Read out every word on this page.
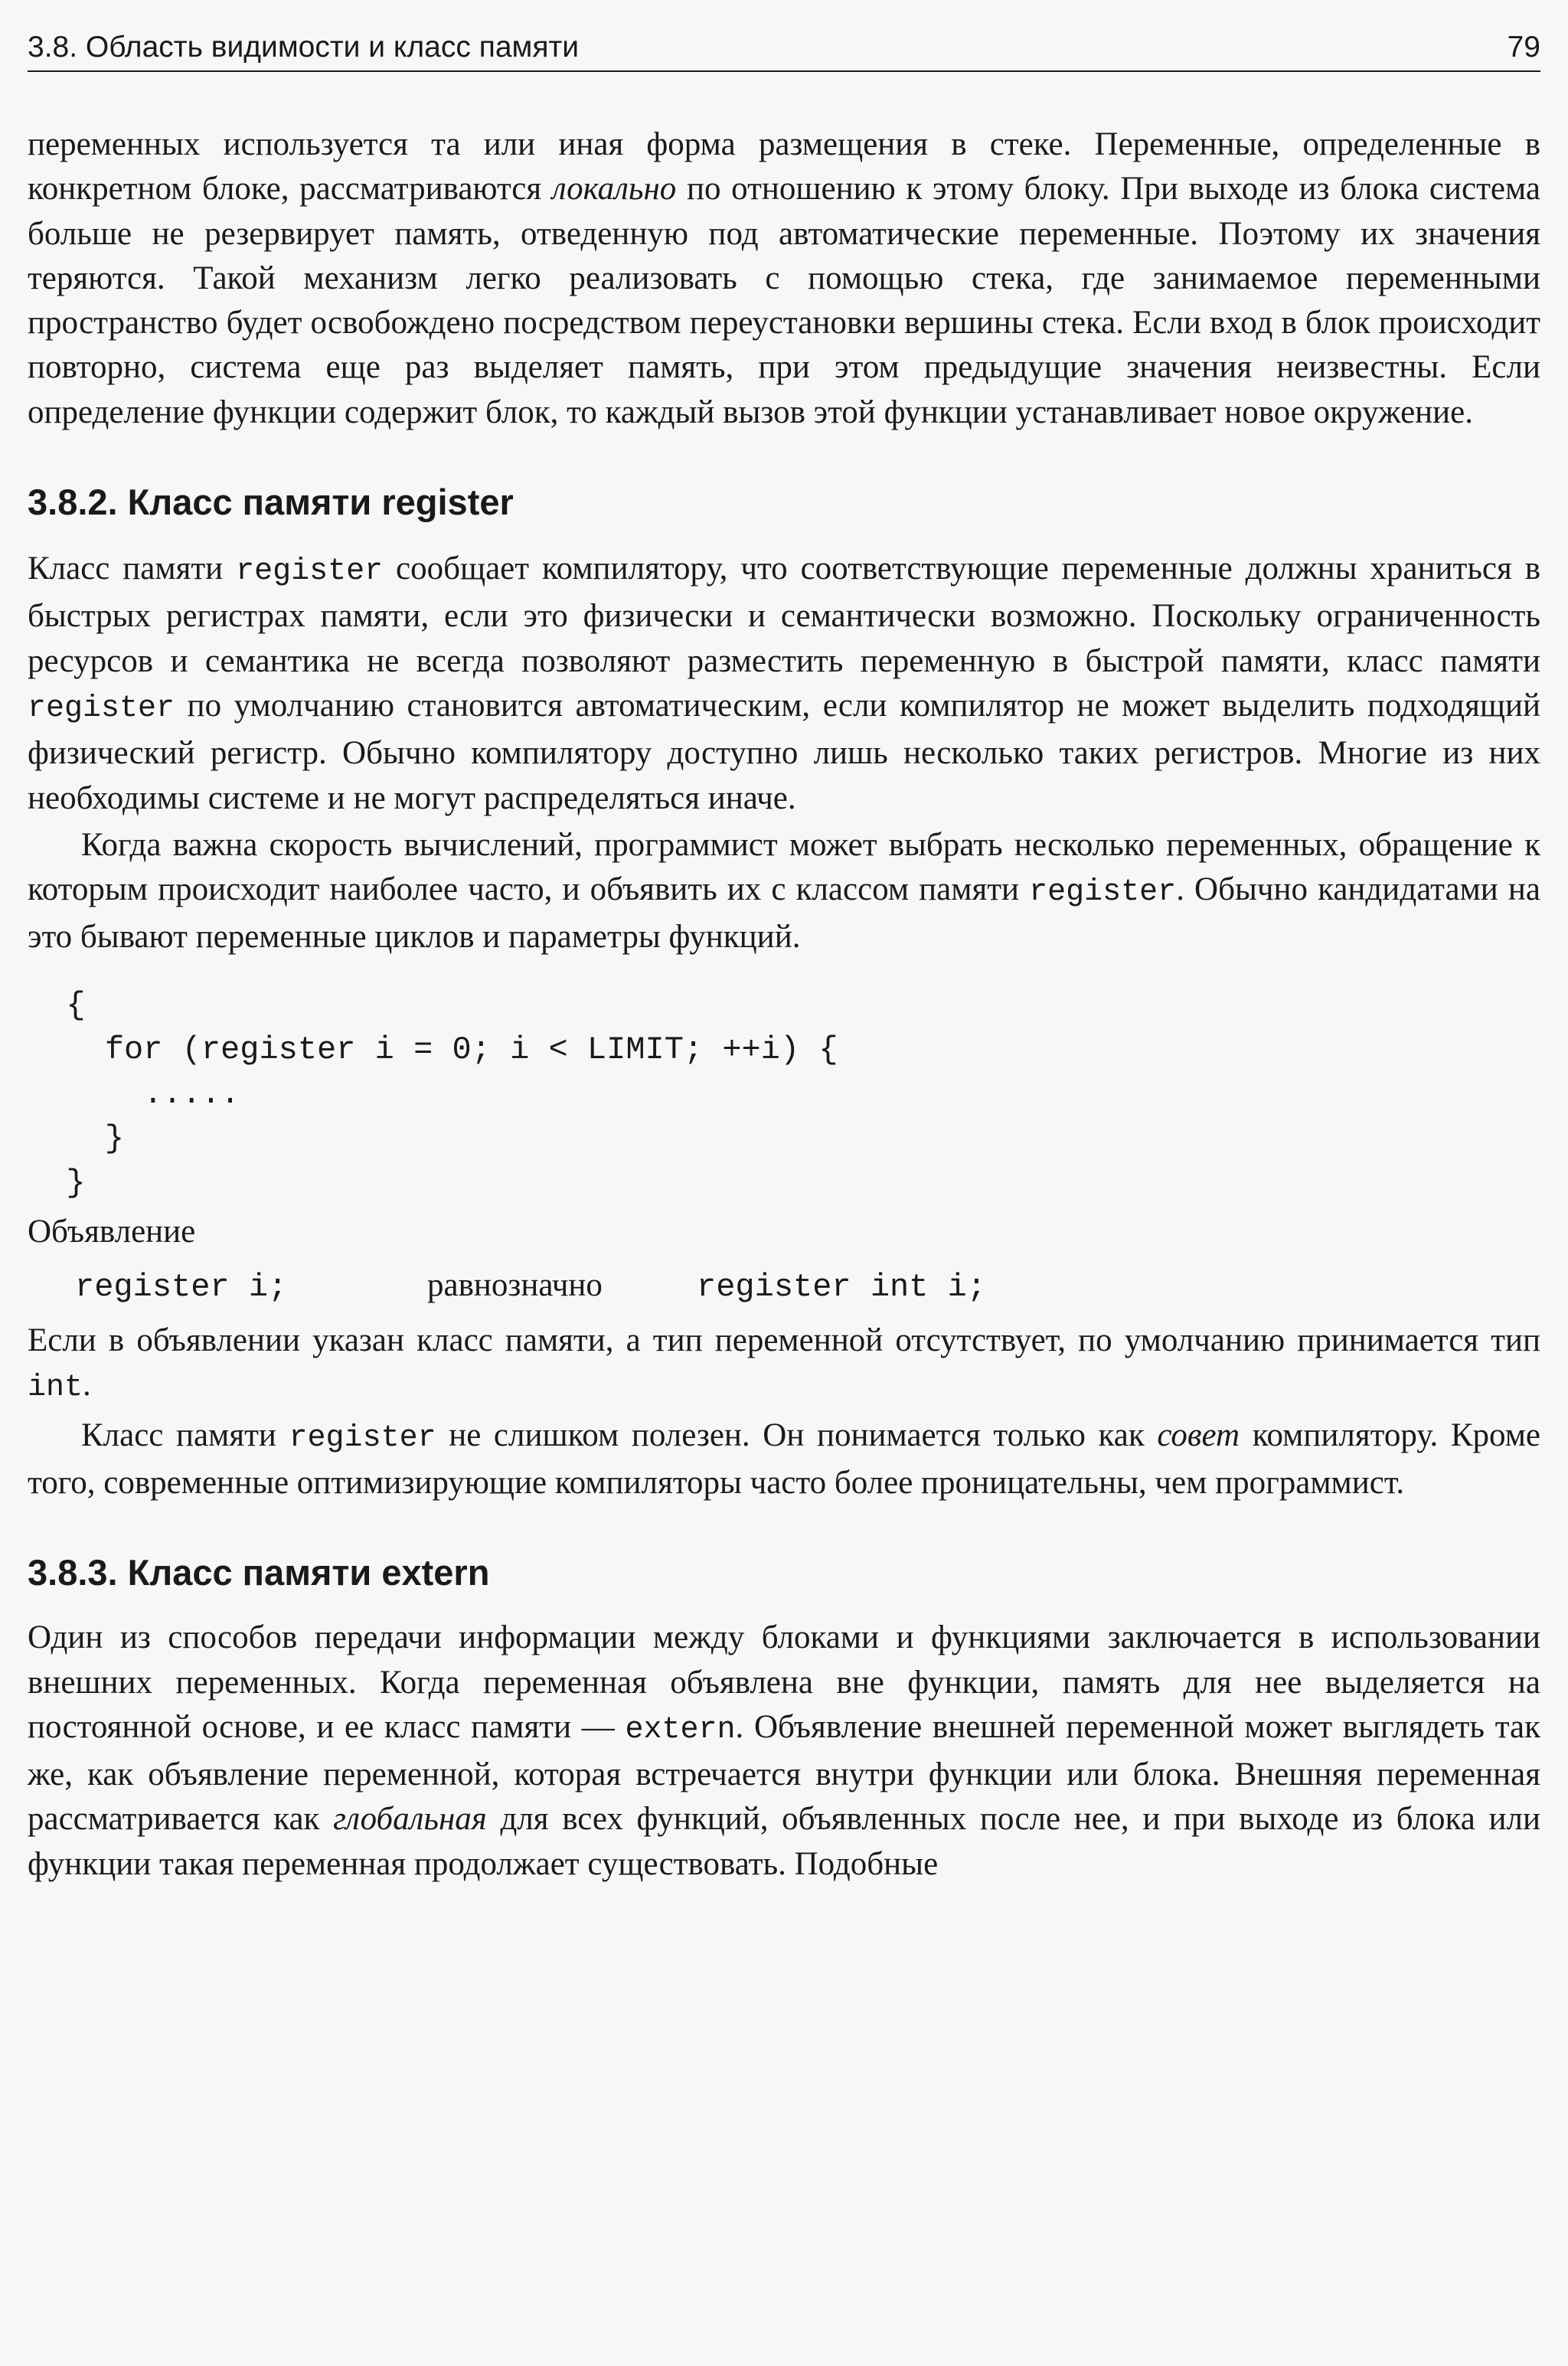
3.8. Область видимости и класс памяти	79

переменных используется та или иная форма размещения в стеке. Переменные, определенные в конкретном блоке, рассматриваются локально по отношению к этому блоку. При выходе из блока система больше не резервирует память, отведенную под автоматические переменные. Поэтому их значения теряются. Такой механизм легко реализовать с помощью стека, где занимаемое переменными пространство будет освобождено посредством переустановки вершины стека. Если вход в блок происходит повторно, система еще раз выделяет память, при этом предыдущие значения неизвестны. Если определение функции содержит блок, то каждый вызов этой функции устанавливает новое окружение.

3.8.2. Класс памяти register

Класс памяти register сообщает компилятору, что соответствующие переменные должны храниться в быстрых регистрах памяти, если это физически и семантически возможно. Поскольку ограниченность ресурсов и семантика не всегда позволяют разместить переменную в быстрой памяти, класс памяти register по умолчанию становится автоматическим, если компилятор не может выделить подходящий физический регистр. Обычно компилятору доступно лишь несколько таких регистров. Многие из них необходимы системе и не могут распределяться иначе.

Когда важна скорость вычислений, программист может выбрать несколько переменных, обращение к которым происходит наиболее часто, и объявить их с классом памяти register. Обычно кандидатами на это бывают переменные циклов и параметры функций.

{
for (register i = 0; i < LIMIT; ++i) {
.....
}
}

Объявление

register i;	равнозначно	register int i;

Если в объявлении указан класс памяти, а тип переменной отсутствует, по умолчанию принимается тип int.

Класс памяти register не слишком полезен. Он понимается только как совет компилятору. Кроме того, современные оптимизирующие компиляторы часто более проницательны, чем программист.

3.8.3. Класс памяти extern

Один из способов передачи информации между блоками и функциями заключается в использовании внешних переменных. Когда переменная объявлена вне функции, память для нее выделяется на постоянной основе, и ее класс памяти — extern. Объявление внешней переменной может выглядеть так же, как объявление переменной, которая встречается внутри функции или блока. Внешняя переменная рассматривается как глобальная для всех функций, объявленных после нее, и при выходе из блока или функции такая переменная продолжает существовать. Подобные
